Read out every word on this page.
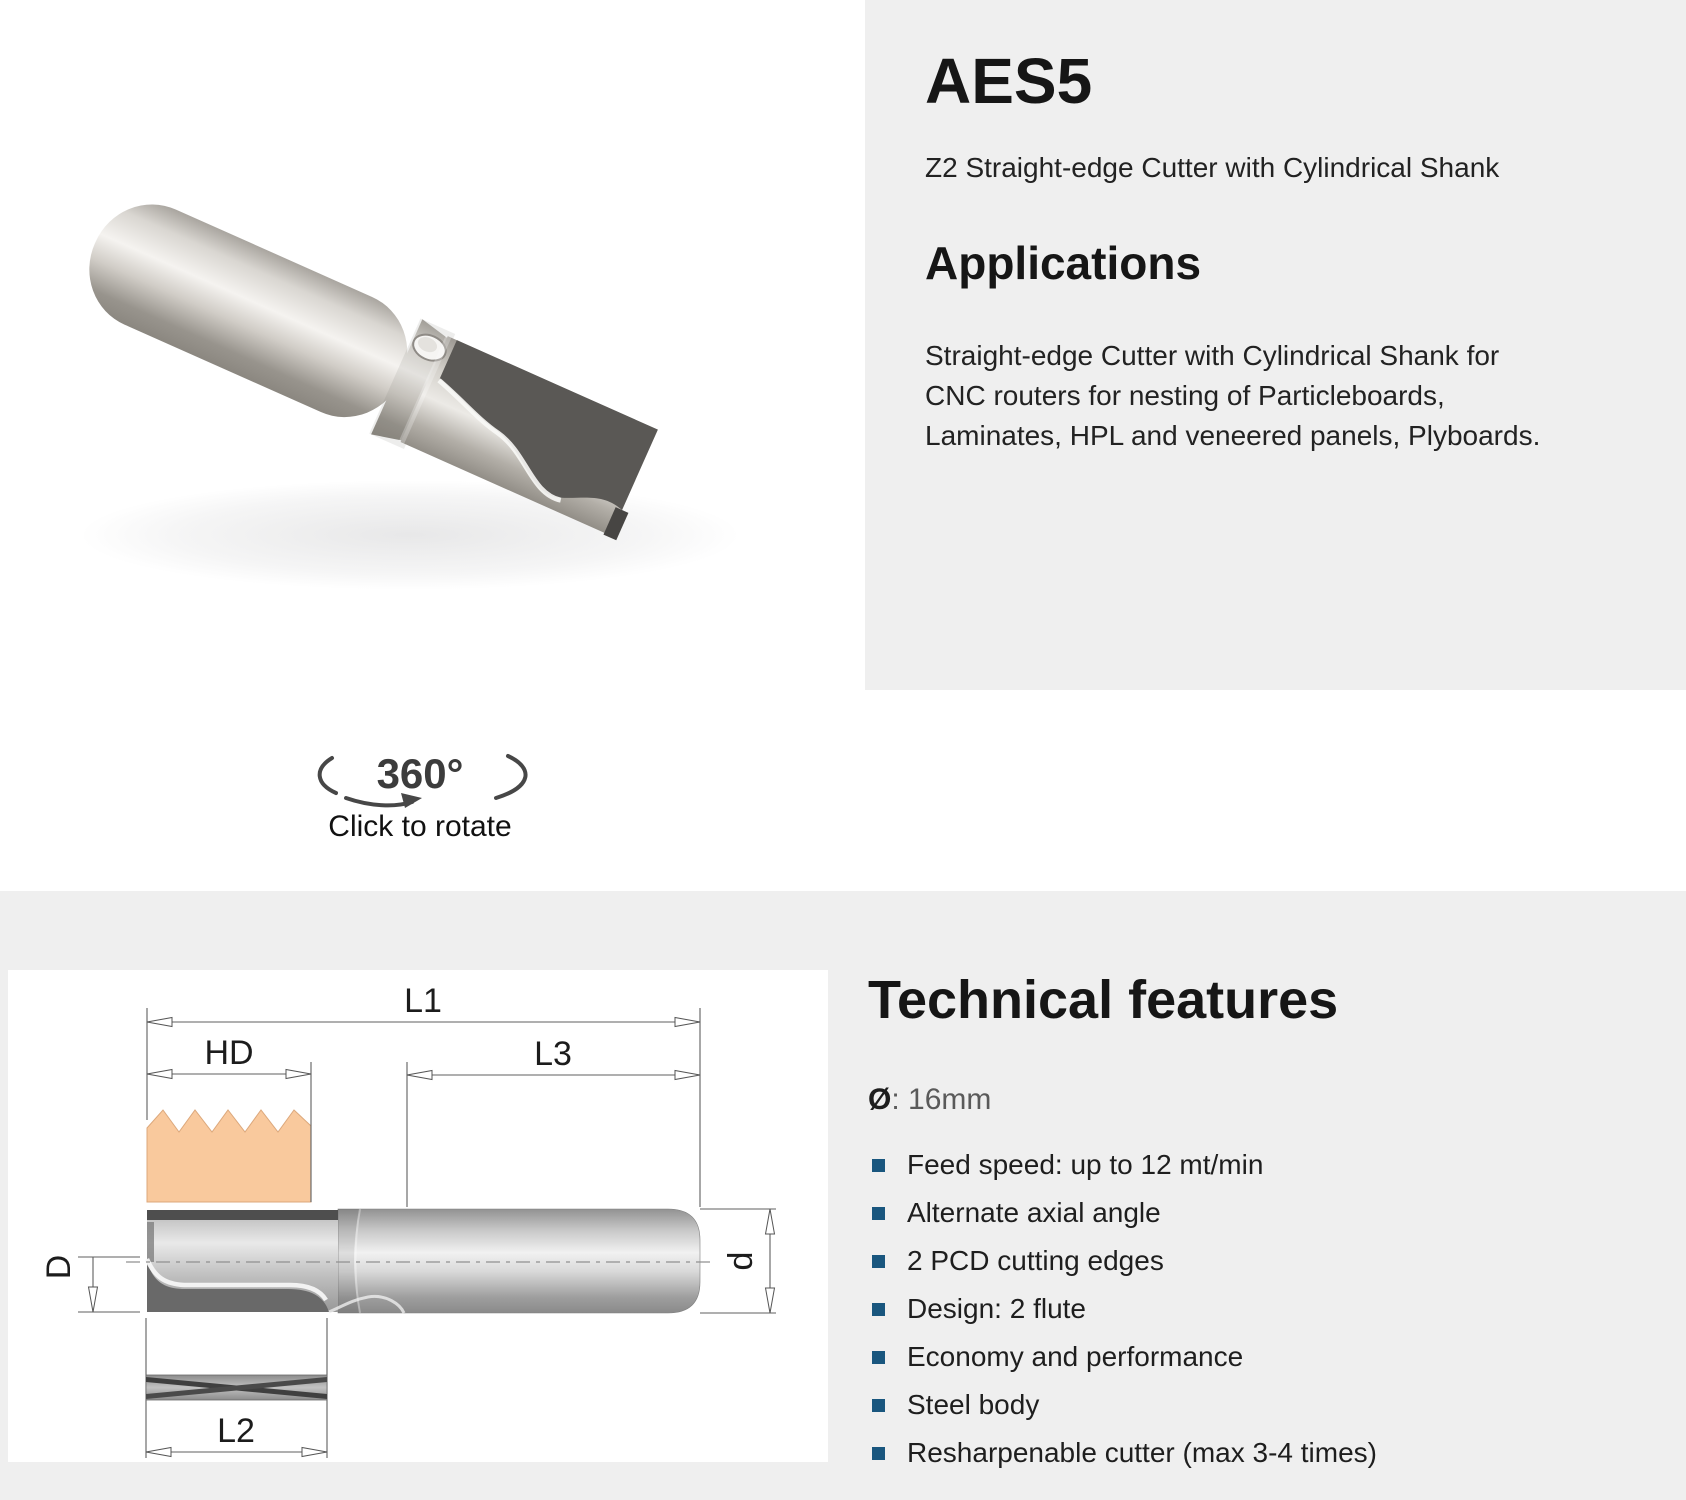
360°
Click to rotate
AES5
Z2 Straight-edge Cutter with Cylindrical Shank
Applications
Straight-edge Cutter with Cylindrical Shank for CNC routers for nesting of Particleboards, Laminates, HPL and veneered panels, Plyboards.
L1
HD	L3
D	d
L2
Technical features
Ø: 16mm
Feed speed: up to 12 mt/min
Alternate axial angle
2 PCD cutting edges
Design: 2 flute
Economy and performance
Steel body
Resharpenable cutter (max 3-4 times)
